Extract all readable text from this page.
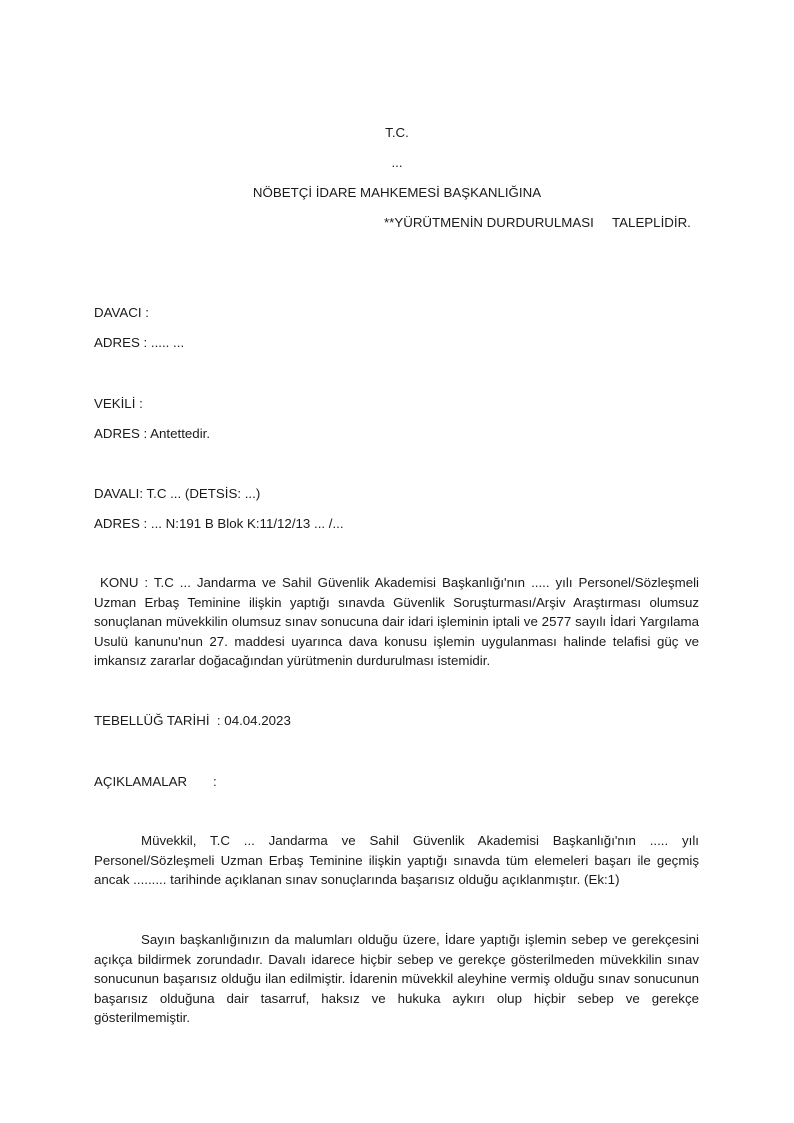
T.C.
...
NÖBETÇİ İDARE MAHKEMESİ BAŞKANLIĞINA
**YÜRÜTMENİN DURDURULMASI     TALEPLİDİR.
DAVACI :
ADRES : ..... ...
VEKİLİ :
ADRES : Antettedir.
DAVALI: T.C ... (DETSİS: ...)
ADRES : ... N:191 B Blok K:11/12/13 ... /...
KONU : T.C ... Jandarma ve Sahil Güvenlik Akademisi Başkanlığı'nın ..... yılı Personel/Sözleşmeli Uzman Erbaş Teminine ilişkin yaptığı sınavda Güvenlik Soruşturması/Arşiv Araştırması olumsuz sonuçlanan müvekkilin olumsuz sınav sonucuna dair idari işleminin iptali ve 2577 sayılı İdari Yargılama Usulü kanunu'nun 27. maddesi uyarınca dava konusu işlemin uygulanması halinde telafisi güç ve imkansız zararlar doğacağından yürütmenin durdurulması istemidir.
TEBELLÜĞ TARİHİ  : 04.04.2023
AÇIKLAMALAR       :
Müvekkil, T.C ... Jandarma ve Sahil Güvenlik Akademisi Başkanlığı'nın ..... yılı Personel/Sözleşmeli Uzman Erbaş Teminine ilişkin yaptığı sınavda tüm elemeleri başarı ile geçmiş ancak ......... tarihinde açıklanan sınav sonuçlarında başarısız olduğu açıklanmıştır. (Ek:1)
Sayın başkanlığınızın da malumları olduğu üzere, İdare yaptığı işlemin sebep ve gerekçesini açıkça bildirmek zorundadır. Davalı idarece hiçbir sebep ve gerekçe gösterilmeden müvekkilin sınav sonucunun başarısız olduğu ilan edilmiştir. İdarenin müvekkil aleyhine vermiş olduğu sınav sonucunun başarısız olduğuna dair tasarruf, haksız ve hukuka aykırı olup hiçbir sebep ve gerekçe gösterilmemiştir.
